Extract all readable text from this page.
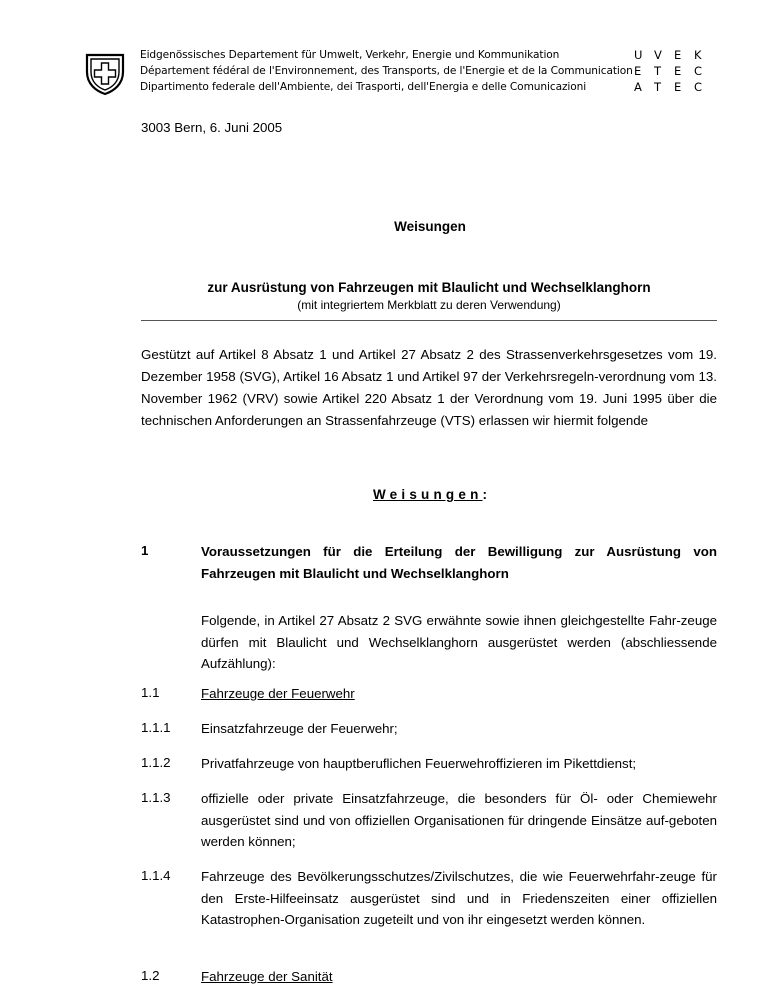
Eidgenössisches Departement für Umwelt, Verkehr, Energie und Kommunikation
Département fédéral de l'Environnement, des Transports, de l'Energie et de la Communication
Dipartimento federale dell'Ambiente, dei Trasporti, dell'Energia e delle Comunicazioni
U	V	E	K
E	T	E	C
A	T	E	C
3003 Bern, 6. Juni 2005
Weisungen
zur Ausrüstung von Fahrzeugen mit Blaulicht und Wechselklanghorn
(mit integriertem Merkblatt zu deren Verwendung)
Gestützt auf Artikel 8 Absatz 1 und Artikel 27 Absatz 2 des Strassenverkehrsgesetzes vom 19. Dezember 1958 (SVG), Artikel 16 Absatz 1 und Artikel 97 der Verkehrsregeln-verordnung vom 13. November 1962 (VRV) sowie Artikel 220 Absatz 1 der Verordnung vom 19. Juni 1995 über die technischen Anforderungen an Strassenfahrzeuge (VTS) erlassen wir hiermit folgende
Weisungen:
1	Voraussetzungen für die Erteilung der Bewilligung zur Ausrüstung von Fahrzeugen mit Blaulicht und Wechselklanghorn
Folgende, in Artikel 27 Absatz 2 SVG erwähnte sowie ihnen gleichgestellte Fahr-zeuge dürfen mit Blaulicht und Wechselklanghorn ausgerüstet werden (abschliessende Aufzählung):
1.1	Fahrzeuge der Feuerwehr
1.1.1 Einsatzfahrzeuge der Feuerwehr;
1.1.2 Privatfahrzeuge von hauptberuflichen Feuerwehroffizieren im Pikettdienst;
1.1.3 offizielle oder private Einsatzfahrzeuge, die besonders für Öl- oder Chemiewehr ausgerüstet sind und von offiziellen Organisationen für dringende Einsätze auf-geboten werden können;
1.1.4 Fahrzeuge des Bevölkerungsschutzes/Zivilschutzes, die wie Feuerwehrfahr-zeuge für den Erste-Hilfeeinsatz ausgerüstet sind und in Friedenszeiten einer offiziellen Katastrophen-Organisation zugeteilt und von ihr eingesetzt werden können.
1.2	Fahrzeuge der Sanität
